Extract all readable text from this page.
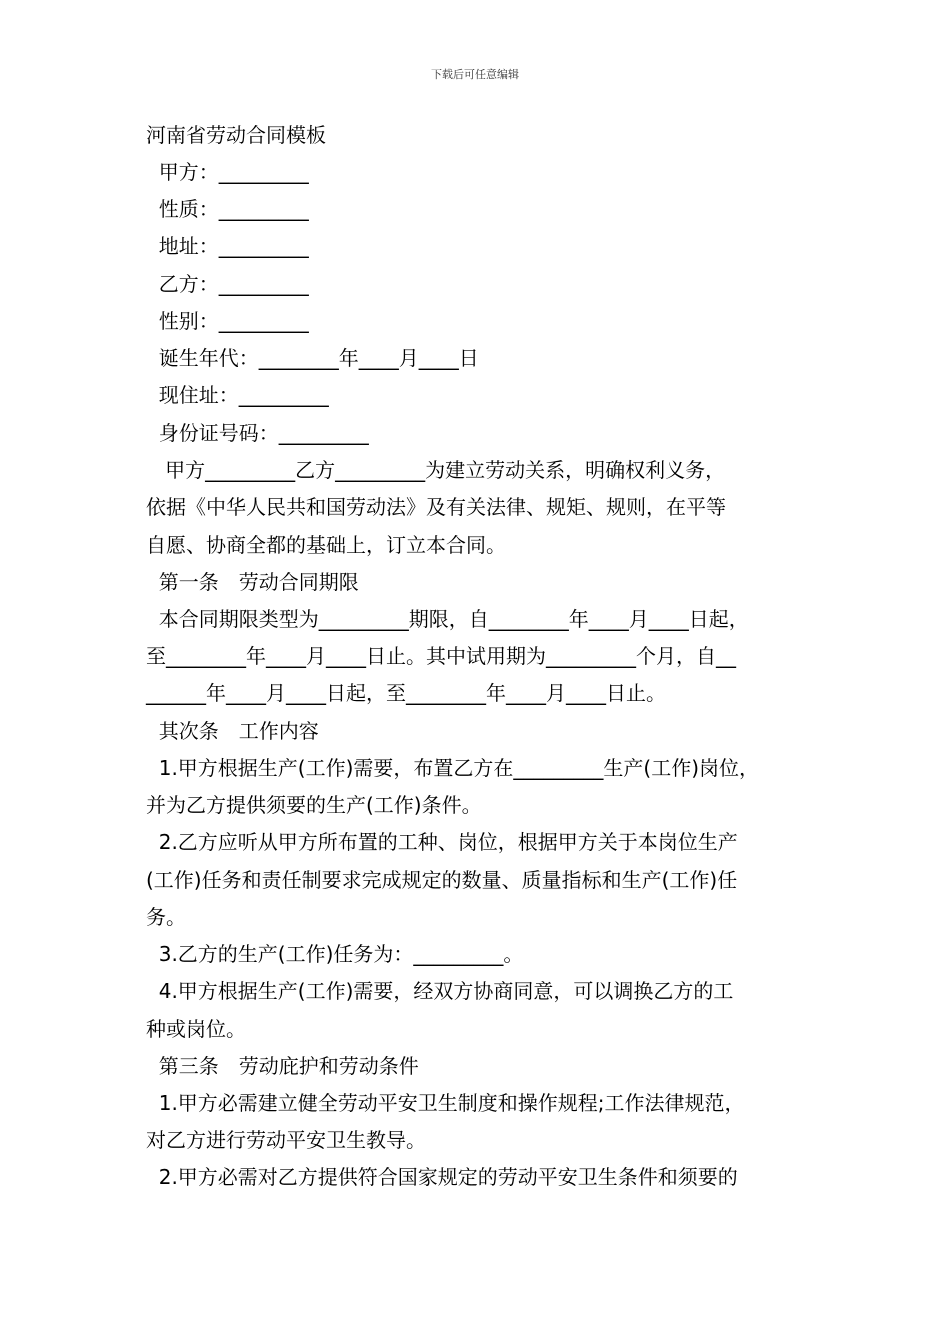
下载后可任意编辑

河南省劳动合同模板

甲方：_________

性质：_________

地址：_________

乙方：_________

性别：_________

诞生年代：________年____月____日

现住址：_________

身份证号码：_________

甲方_________乙方_________为建立劳动关系，明确权利义务，

依据《中华人民共和国劳动法》及有关法律、规矩、规则，在平等

自愿、协商全都的基础上，订立本合同。

第一条　劳动合同期限

本合同期限类型为_________期限，自________年____月____日起，

至________年____月____日止。其中试用期为_________个月，自__

______年____月____日起，至________年____月____日止。

其次条　工作内容

1.甲方根据生产(工作)需要，布置乙方在_________生产(工作)岗位，

并为乙方提供须要的生产(工作)条件。

2.乙方应听从甲方所布置的工种、岗位，根据甲方关于本岗位生产

(工作)任务和责任制要求完成规定的数量、质量指标和生产(工作)任

务。

3.乙方的生产(工作)任务为：_________。

4.甲方根据生产(工作)需要，经双方协商同意，可以调换乙方的工

种或岗位。

第三条　劳动庇护和劳动条件

1.甲方必需建立健全劳动平安卫生制度和操作规程;工作法律规范，

对乙方进行劳动平安卫生教导。

2.甲方必需对乙方提供符合国家规定的劳动平安卫生条件和须要的
